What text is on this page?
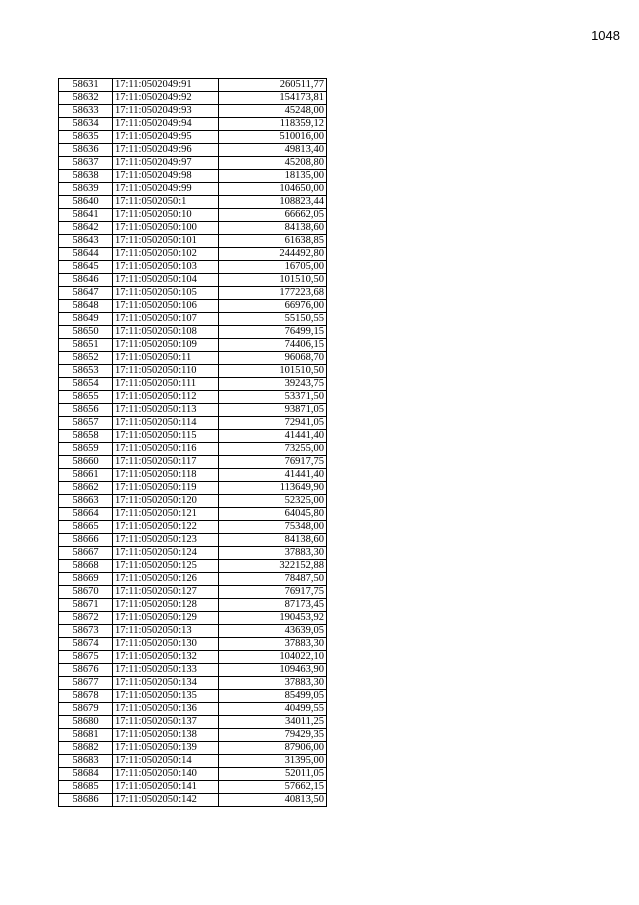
1048
58631	17:11:0502049:91	260511,77
58632	17:11:0502049:92	154173,81
58633	17:11:0502049:93	45248,00
58634	17:11:0502049:94	118359,12
58635	17:11:0502049:95	510016,00
58636	17:11:0502049:96	49813,40
58637	17:11:0502049:97	45208,80
58638	17:11:0502049:98	18135,00
58639	17:11:0502049:99	104650,00
58640	17:11:0502050:1	108823,44
58641	17:11:0502050:10	66662,05
58642	17:11:0502050:100	84138,60
58643	17:11:0502050:101	61638,85
58644	17:11:0502050:102	244492,80
58645	17:11:0502050:103	16705,00
58646	17:11:0502050:104	101510,50
58647	17:11:0502050:105	177223,68
58648	17:11:0502050:106	66976,00
58649	17:11:0502050:107	55150,55
58650	17:11:0502050:108	76499,15
58651	17:11:0502050:109	74406,15
58652	17:11:0502050:11	96068,70
58653	17:11:0502050:110	101510,50
58654	17:11:0502050:111	39243,75
58655	17:11:0502050:112	53371,50
58656	17:11:0502050:113	93871,05
58657	17:11:0502050:114	72941,05
58658	17:11:0502050:115	41441,40
58659	17:11:0502050:116	73255,00
58660	17:11:0502050:117	76917,75
58661	17:11:0502050:118	41441,40
58662	17:11:0502050:119	113649,90
58663	17:11:0502050:120	52325,00
58664	17:11:0502050:121	64045,80
58665	17:11:0502050:122	75348,00
58666	17:11:0502050:123	84138,60
58667	17:11:0502050:124	37883,30
58668	17:11:0502050:125	322152,88
58669	17:11:0502050:126	78487,50
58670	17:11:0502050:127	76917,75
58671	17:11:0502050:128	87173,45
58672	17:11:0502050:129	190453,92
58673	17:11:0502050:13	43639,05
58674	17:11:0502050:130	37883,30
58675	17:11:0502050:132	104022,10
58676	17:11:0502050:133	109463,90
58677	17:11:0502050:134	37883,30
58678	17:11:0502050:135	85499,05
58679	17:11:0502050:136	40499,55
58680	17:11:0502050:137	34011,25
58681	17:11:0502050:138	79429,35
58682	17:11:0502050:139	87906,00
58683	17:11:0502050:14	31395,00
58684	17:11:0502050:140	52011,05
58685	17:11:0502050:141	57662,15
58686	17:11:0502050:142	40813,50
